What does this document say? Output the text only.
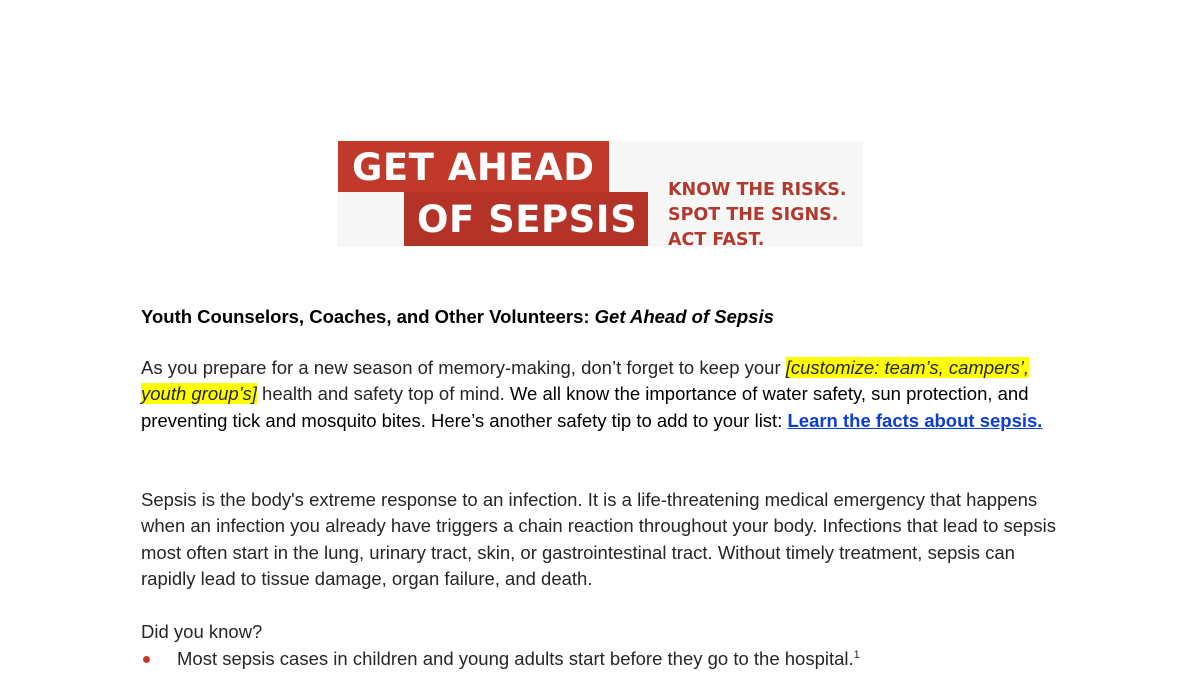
GET AHEAD
OF SEPSIS
KNOW THE RISKS.
SPOT THE SIGNS.
ACT FAST.

Youth Counselors, Coaches, and Other Volunteers: Get Ahead of Sepsis

As you prepare for a new season of memory-making, don’t forget to keep your [customize: team’s, campers’, youth group’s] health and safety top of mind. We all know the importance of water safety, sun protection, and preventing tick and mosquito bites. Here’s another safety tip to add to your list: Learn the facts about sepsis.

Sepsis is the body's extreme response to an infection. It is a life-threatening medical emergency that happens when an infection you already have triggers a chain reaction throughout your body. Infections that lead to sepsis most often start in the lung, urinary tract, skin, or gastrointestinal tract. Without timely treatment, sepsis can rapidly lead to tissue damage, organ failure, and death.

Did you know?

Most sepsis cases in children and young adults start before they go to the hospital.$^1$
